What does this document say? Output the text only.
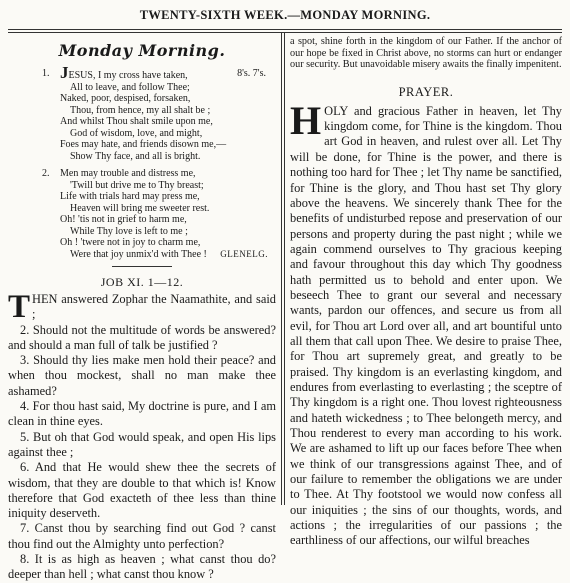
TWENTY-SIXTH WEEK.—MONDAY MORNING.
Monday Morning.
1.	8's. 7's.
JESUS, I my cross have taken,
All to leave, and follow Thee;
Naked, poor, despised, forsaken,
Thou, from hence, my all shalt be ;
And whilst Thou shalt smile upon me,
God of wisdom, love, and might,
Foes may hate, and friends disown me,—
Show Thy face, and all is bright.
2.	Men may trouble and distress me,
'Twill but drive me to Thy breast;
Life with trials hard may press me,
Heaven will bring me sweeter rest.
Oh! 'tis not in grief to harm me,
While Thy love is left to me ;
Oh ! 'twere not in joy to charm me,
Were that joy unmix'd with Thee !	GLENELG.
JOB XI. 1—12.

THEN answered Zophar the Naamathite, and said ;

2. Should not the multitude of words be answered? and should a man full of talk be justified ?

3. Should thy lies make men hold their peace? and when thou mockest, shall no man make thee ashamed?

4. For thou hast said, My doctrine is pure, and I am clean in thine eyes.

5. But oh that God would speak, and open His lips against thee ;

6. And that He would shew thee the secrets of wisdom, that they are double to that which is! Know therefore that God exacteth of thee less than thine iniquity deserveth.

7. Canst thou by searching find out God ? canst thou find out the Almighty unto perfection?

8. It is as high as heaven ; what canst thou do? deeper than hell ; what canst thou know ?

a spot, shine forth in the kingdom of our Father. If the anchor of our hope be fixed in Christ above, no storms can hurt or endanger our security. But unavoidable misery awaits the finally impenitent.
PRAYER.
HOLY and gracious Father in heaven, let Thy kingdom come, for Thine is the kingdom. Thou art God in heaven, and rulest over all. Let Thy will be done, for Thine is the power, and there is nothing too hard for Thee ; let Thy name be sanctified, for Thine is the glory, and Thou hast set Thy glory above the heavens. We sincerely thank Thee for the benefits of undisturbed repose and preservation of our persons and property during the past night ; while we again commend ourselves to Thy gracious keeping and favour throughout this day which Thy goodness hath permitted us to behold and enter upon. We beseech Thee to grant our several and necessary wants, pardon our offences, and secure us from all evil, for Thou art Lord over all, and art bountiful unto all them that call upon Thee. We desire to praise Thee, for Thou art supremely great, and greatly to be praised. Thy kingdom is an everlasting kingdom, and endures from everlasting to everlasting ; the sceptre of Thy kingdom is a right one. Thou lovest righteousness and hateth wickedness ; to Thee belongeth mercy, and Thou renderest to every man according to his work. We are ashamed to lift up our faces before Thee when we think of our transgressions against Thee, and of our failure to remember the obligations we are under to Thee. At Thy footstool we would now confess all our iniquities ; the sins of our thoughts, words, and actions ; the irregularities of our passions ; the earthliness of our affections, our wilful breaches
